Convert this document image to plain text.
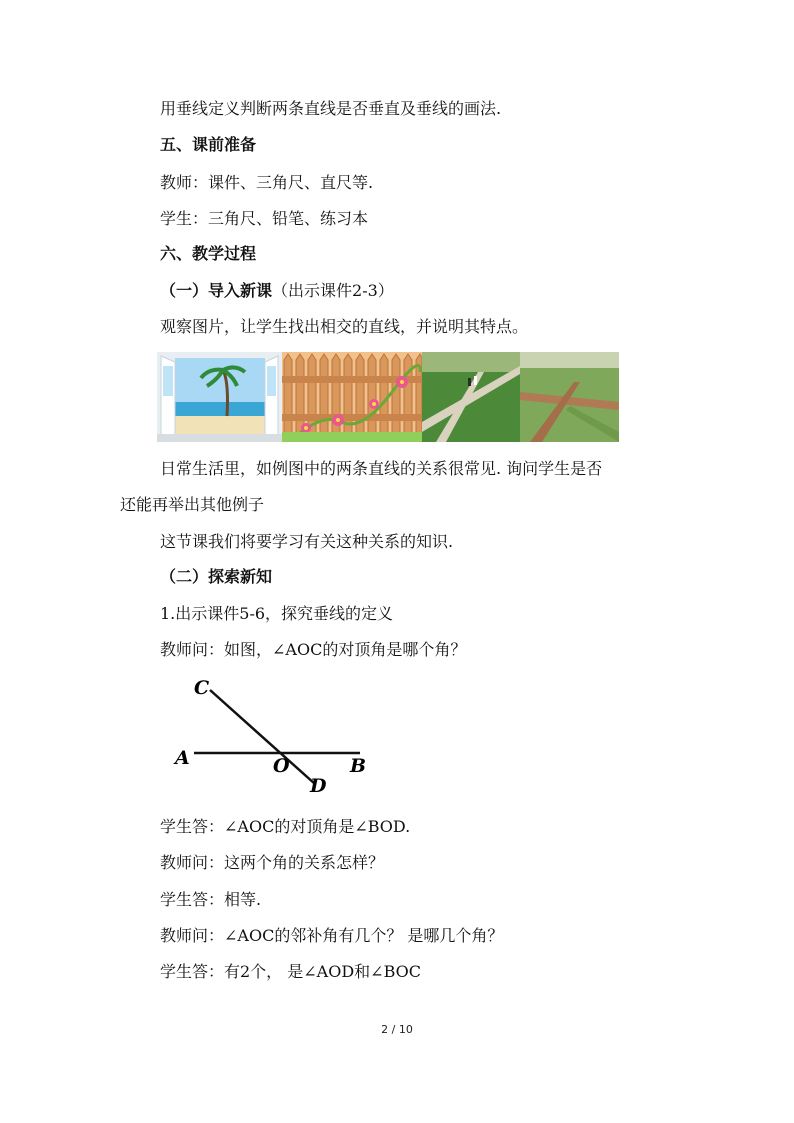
用垂线定义判断两条直线是否垂直及垂线的画法.
五、课前准备
教师：课件、三角尺、直尺等.
学生：三角尺、铅笔、练习本
六、教学过程
（一）导入新课（出示课件2-3）
观察图片，让学生找出相交的直线，并说明其特点。
日常生活里，如例图中的两条直线的关系很常见. 询问学生是否
还能再举出其他例子
这节课我们将要学习有关这种关系的知识.
（二）探索新知
1.出示课件5-6，探究垂线的定义
教师问：如图，∠AOC的对顶角是哪个角？
C
A	O	B
D
学生答：∠AOC的对顶角是∠BOD.
教师问：这两个角的关系怎样？
学生答：相等.
教师问：∠AOC的邻补角有几个？ 是哪几个角？
学生答：有2个， 是∠AOD和∠BOC
2 / 10
